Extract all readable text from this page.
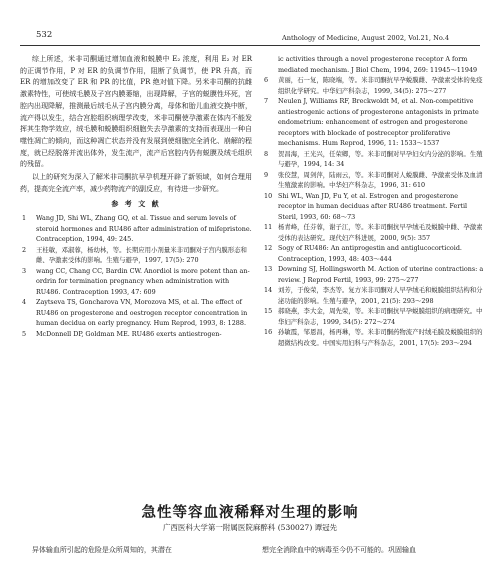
532	Anthology of Medicine, August 2002, Vol.21, No.4

综上所述，米非司酮通过增加血液和蜕膜中 E₂ 浓度，利用 E₂ 对 ER 的正调节作用，P 对 ER 的负调节作用，阻断了负调节，使 PR 升高，而 ER 的增加改变了 ER 和 PR 的比值，PR 绝对值下降。另米非司酮的抗雌激素特性，可使绒毛膜及子宫内膜萎缩，出现降解，子宫的蜕膜性坏死，宫腔内出现降解，推测最后绒毛从子宫内膜分离，母体和胎儿血液交换中断，流产得以发生，结合宫腔组织病理学改变，米非司酮使孕激素在体内不能发挥其生物学效应，绒毛膜和蜕膜组织细胞失去孕激素的支持而表现出一种自噬性凋亡的倾向，而这种凋亡状态并没有发展到使细胞完全消化、崩解的程度，就已经脱落并流出体外，发生流产，流产后宫腔内仍有蜕膜及绒毛组织的残留。

以上的研究为深入了解米非司酮抗早孕机理开辟了新领域，如何合理用药，提高完全流产率，减少药物流产的副反应，有待进一步研究。

参 考 文 献
1	Wang JD, Shi WL, Zhang GQ, et al. Tissue and serum levels of steroid hormones and RU486 after administration of mifepristone. Contraception, 1994, 49: 245.
2	王桂敏，邓淑蓉，杨幼林，等。长期应用小剂量米非司酮对子宫内膜形态和雌、孕激素受体的影响。生殖与避孕，1997, 17(5): 270
3	wang CC, Chang CC, Bardin CW. Anordiol is more potent than an-ordrin for termination pregnancy when administration with RU486. Contraception 1993, 47: 609
4	Zaytseva TS, Goncharova VN, Morozova MS, et al. The effect of RU486 on progesterone and oestrogen receptor concentration in human decidua on early pregnancy. Hum Reprod, 1993, 8: 1288.
5	McDonnell DP, Goldman ME. RU486 exerts antiestrogen-
ic activities through a novel progesterone receptor A form mediated mechanism. J Biol Chem, 1994, 269: 11945～11949
6	黄丽，石一复，陈晓端，等。米非司酮抗早孕蜕膜雌、孕激素受体的免疫组织化学研究。中华妇产科杂志，1999, 34(5): 275～277
7	Neulen J, Williams RF, Breckwoldt M, et al. Non-competitive antiestrogenic actions of progesterone antagonists in primate endometrium: enhancement of estrogen and progesterone receptors with blockade of postreceptor proliferative mechanisms. Hum Reprod, 1996, 11: 1533～1537
8	贺昌海，王光兴，任荣卿，等。米非司酮对早孕妇女内分泌的影响。生殖与避孕，1994, 14: 34
9	张佼慧，周剑萍，陆雨云，等。米非司酮对人蜕膜雌、孕激素受体及血清生殖激素的影响。中华妇产科杂志，1996, 31: 610
10 Shi WL, Wan JD, Fu Y, et al. Estrogen and progesterone receptor in human deciduas after RU486 treatment. Fertil Steril, 1993, 60: 68～73
11 杨青峰，任芬蓉，谢子江，等。米非司酮抗早孕绒毛及蜕膜中雌、孕激素受体的表达研究。现代妇产科进展，2000, 9(5): 357
12 Sogy of RU486: An antiprogestin and antiglucocorticoid. Contraception, 1993, 48: 403～444
13 Downing SJ, Hollingsworth M. Action of uterine contractions: a review. J Reprod Fertil, 1993, 99: 275～277
14 刘芳，于俊荣，李杰等。复方米非司酮对人早孕绒毛和蜕膜组织结构和分泌功能的影响。生殖与避孕，2001, 21(5): 293～298
15 郝晓燕，李大金，周先荣，等。米非司酮抗早孕蜕膜组织的病理研究。中华妇产科杂志，1999, 34(5): 272～274
16 孙敏霞，邹恩昌，杨再琳，等。米非司酮药物流产时绒毛膜及蜕膜组织的超微结构改变。中国实用妇科与产科杂志，2001, 17(5): 293～294
急性等容血液稀释对生理的影响
广西医科大学第一附属医院麻醉科 (530027) 谭冠先

异体输血所引起的危险是众所周知的，其潜在	想完全消除血中的病毒至今仍不可能的。巩固输血
